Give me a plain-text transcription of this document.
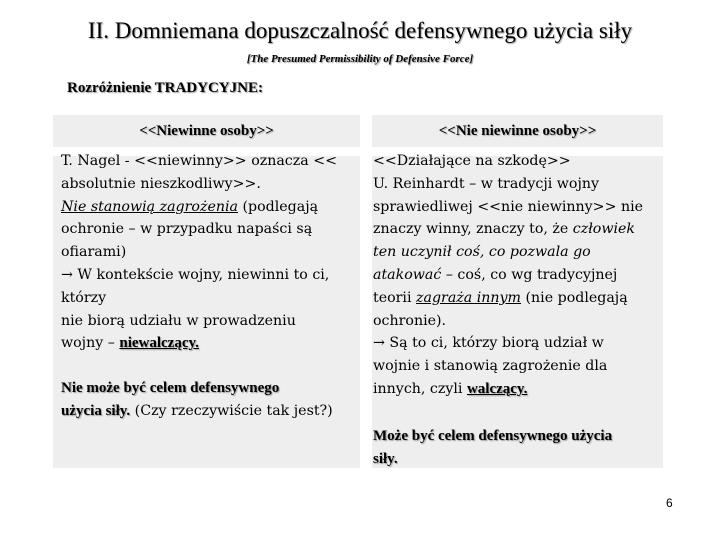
II. Domniemana dopuszczalność defensywnego użycia siły
[The Presumed Permissibility of Defensive Force]
Rozróżnienie TRADYCYJNE:
<<Niewinne osoby>>	<<Nie niewinne osoby>>
T. Nagel - <<niewinny>> oznacza <<
absolutnie nieszkodliwy>>.
Nie stanowią zagrożenia (podlegają
ochronie – w przypadku napaści są
ofiarami)
→ W kontekście wojny, niewinni to ci,
którzy
nie biorą udziału w prowadzeniu
wojny – niewalczący.
Nie może być celem defensywnego
użycia siły. (Czy rzeczywiście tak jest?)
<<Działające na szkodę>>
U. Reinhardt – w tradycji wojny
sprawiedliwej <<nie niewinny>> nie
znaczy winny, znaczy to, że człowiek
ten uczynił coś, co pozwala go
atakować – coś, co wg tradycyjnej
teorii zagraża innym (nie podlegają
ochronie).
→ Są to ci, którzy biorą udział w
wojnie i stanowią zagrożenie dla
innych, czyli walczący.
Może być celem defensywnego użycia
siły.
6
